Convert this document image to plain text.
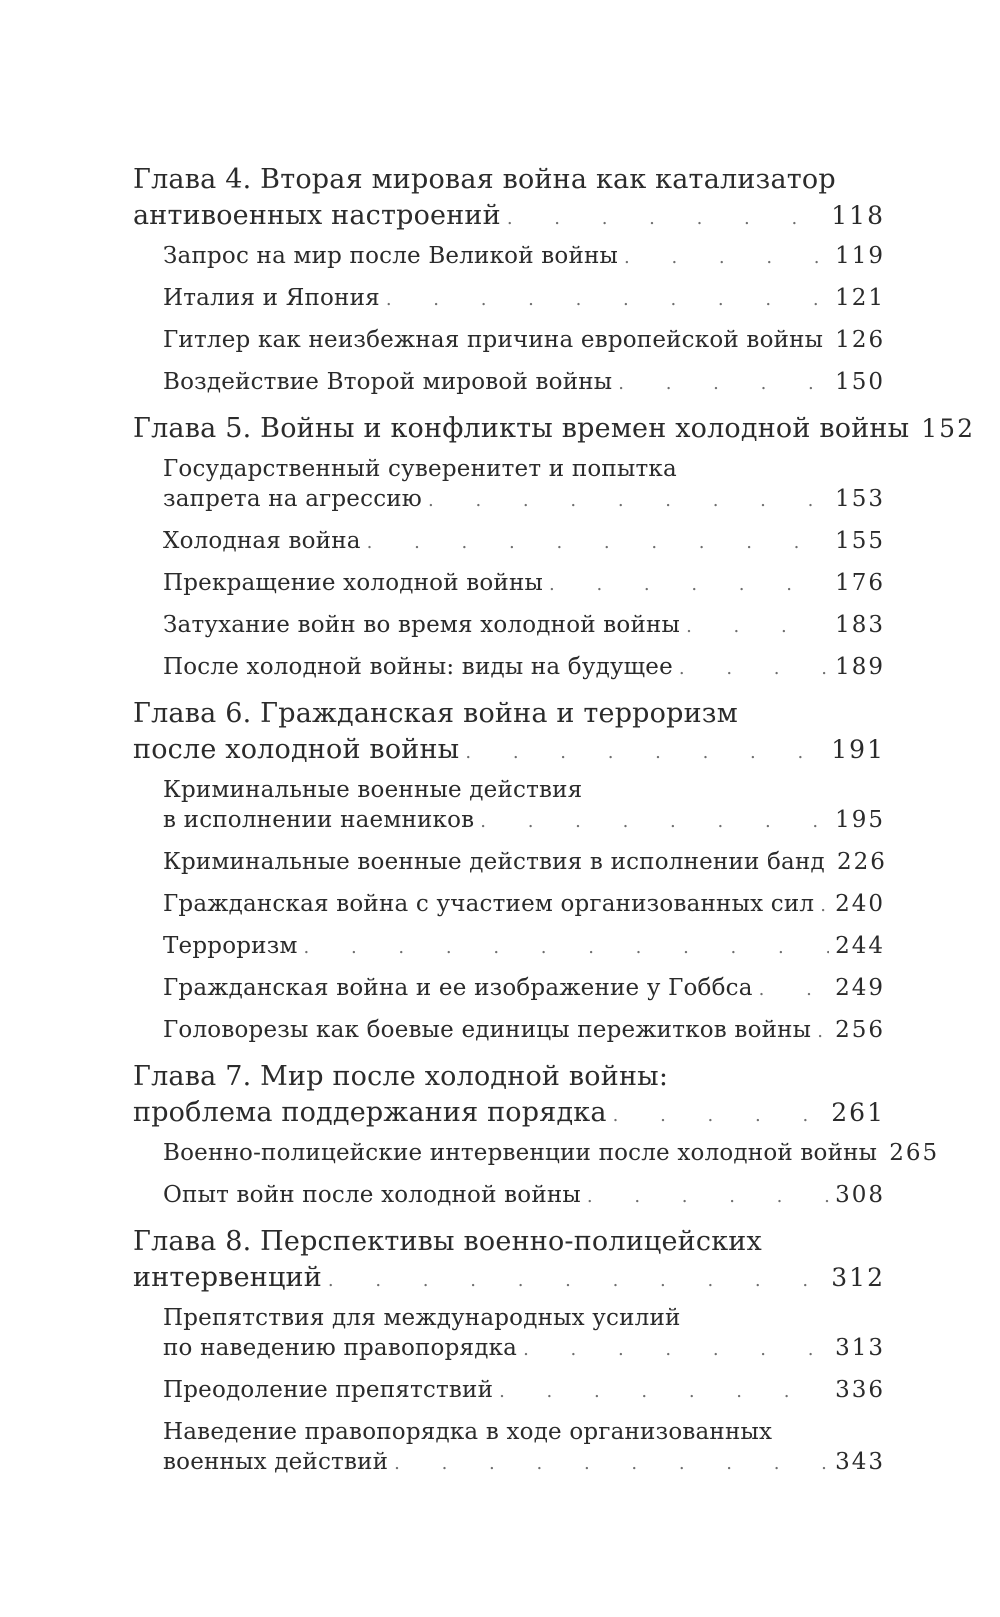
Глава 4. Вторая мировая война как катализатор
антивоенных настроений . . .	118
Запрос на мир после Великой войны . . .	119
Италия и Япония . . .	121
Гитлер как неизбежная причина европейской войны 126
Воздействие Второй мировой войны . . .	150
Глава 5. Войны и конфликты времен холодной войны 152
Государственный суверенитет и попытка
запрета на агрессию . . .	153
Холодная война . . .	155
Прекращение холодной войны . . .	176
Затухание войн во время холодной войны . . .	183
После холодной войны: виды на будущее . . .	189
Глава 6. Гражданская война и терроризм
после холодной войны . . .	191
Криминальные военные действия
в исполнении наемников . . .	195
Криминальные военные действия в исполнении банд 226
Гражданская война с участием организованных сил . . . 240
Терроризм . . .	244
Гражданская война и ее изображение у Гоббса . . .	249
Головорезы как боевые единицы пережитков войны . . . 256
Глава 7. Мир после холодной войны:
проблема поддержания порядка . . .	261
Военно-полицейские интервенции после холодной войны 265
Опыт войн после холодной войны . . .	308
Глава 8. Перспективы военно-полицейских
интервенций . . .	312
Препятствия для международных усилий
по наведению правопорядка . . .	313
Преодоление препятствий . . .	336
Наведение правопорядка в ходе организованных
военных действий . . .	343
